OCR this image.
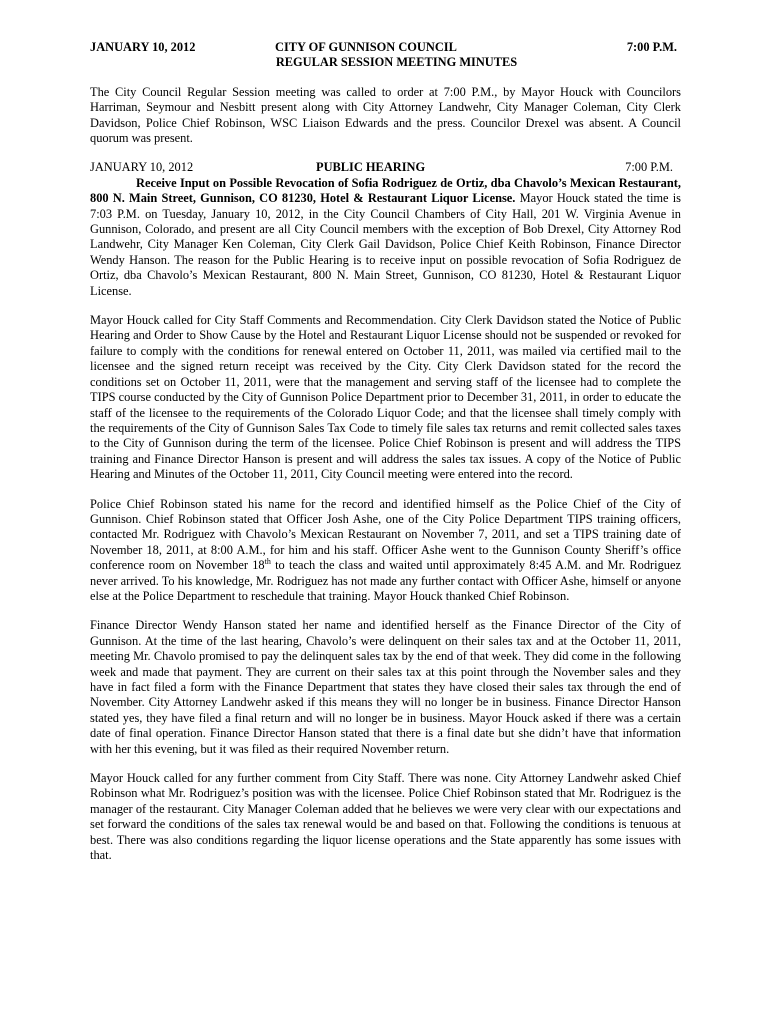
JANUARY 10, 2012	CITY OF GUNNISON COUNCIL	7:00 P.M.
REGULAR SESSION MEETING MINUTES

The City Council Regular Session meeting was called to order at 7:00 P.M., by Mayor Houck with Councilors Harriman, Seymour and Nesbitt present along with City Attorney Landwehr, City Manager Coleman, City Clerk Davidson, Police Chief Robinson, WSC Liaison Edwards and the press. Councilor Drexel was absent. A Council quorum was present.

JANUARY 10, 2012	PUBLIC HEARING	7:00 P.M.

Receive Input on Possible Revocation of Sofia Rodriguez de Ortiz, dba Chavolo’s Mexican Restaurant, 800 N. Main Street, Gunnison, CO 81230, Hotel & Restaurant Liquor License. Mayor Houck stated the time is 7:03 P.M. on Tuesday, January 10, 2012, in the City Council Chambers of City Hall, 201 W. Virginia Avenue in Gunnison, Colorado, and present are all City Council members with the exception of Bob Drexel, City Attorney Rod Landwehr, City Manager Ken Coleman, City Clerk Gail Davidson, Police Chief Keith Robinson, Finance Director Wendy Hanson. The reason for the Public Hearing is to receive input on possible revocation of Sofia Rodriguez de Ortiz, dba Chavolo’s Mexican Restaurant, 800 N. Main Street, Gunnison, CO 81230, Hotel & Restaurant Liquor License.

Mayor Houck called for City Staff Comments and Recommendation. City Clerk Davidson stated the Notice of Public Hearing and Order to Show Cause by the Hotel and Restaurant Liquor License should not be suspended or revoked for failure to comply with the conditions for renewal entered on October 11, 2011, was mailed via certified mail to the licensee and the signed return receipt was received by the City. City Clerk Davidson stated for the record the conditions set on October 11, 2011, were that the management and serving staff of the licensee had to complete the TIPS course conducted by the City of Gunnison Police Department prior to December 31, 2011, in order to educate the staff of the licensee to the requirements of the Colorado Liquor Code; and that the licensee shall timely comply with the requirements of the City of Gunnison Sales Tax Code to timely file sales tax returns and remit collected sales taxes to the City of Gunnison during the term of the licensee. Police Chief Robinson is present and will address the TIPS training and Finance Director Hanson is present and will address the sales tax issues. A copy of the Notice of Public Hearing and Minutes of the October 11, 2011, City Council meeting were entered into the record.

Police Chief Robinson stated his name for the record and identified himself as the Police Chief of the City of Gunnison. Chief Robinson stated that Officer Josh Ashe, one of the City Police Department TIPS training officers, contacted Mr. Rodriguez with Chavolo’s Mexican Restaurant on November 7, 2011, and set a TIPS training date of November 18, 2011, at 8:00 A.M., for him and his staff. Officer Ashe went to the Gunnison County Sheriff’s office conference room on November 18th to teach the class and waited until approximately 8:45 A.M. and Mr. Rodriguez never arrived. To his knowledge, Mr. Rodriguez has not made any further contact with Officer Ashe, himself or anyone else at the Police Department to reschedule that training. Mayor Houck thanked Chief Robinson.

Finance Director Wendy Hanson stated her name and identified herself as the Finance Director of the City of Gunnison. At the time of the last hearing, Chavolo’s were delinquent on their sales tax and at the October 11, 2011, meeting Mr. Chavolo promised to pay the delinquent sales tax by the end of that week. They did come in the following week and made that payment. They are current on their sales tax at this point through the November sales and they have in fact filed a form with the Finance Department that states they have closed their sales tax through the end of November. City Attorney Landwehr asked if this means they will no longer be in business. Finance Director Hanson stated yes, they have filed a final return and will no longer be in business. Mayor Houck asked if there was a certain date of final operation. Finance Director Hanson stated that there is a final date but she didn’t have that information with her this evening, but it was filed as their required November return.

Mayor Houck called for any further comment from City Staff. There was none. City Attorney Landwehr asked Chief Robinson what Mr. Rodriguez’s position was with the licensee. Police Chief Robinson stated that Mr. Rodriguez is the manager of the restaurant. City Manager Coleman added that he believes we were very clear with our expectations and set forward the conditions of the sales tax renewal would be and based on that. Following the conditions is tenuous at best. There was also conditions regarding the liquor license operations and the State apparently has some issues with that.
